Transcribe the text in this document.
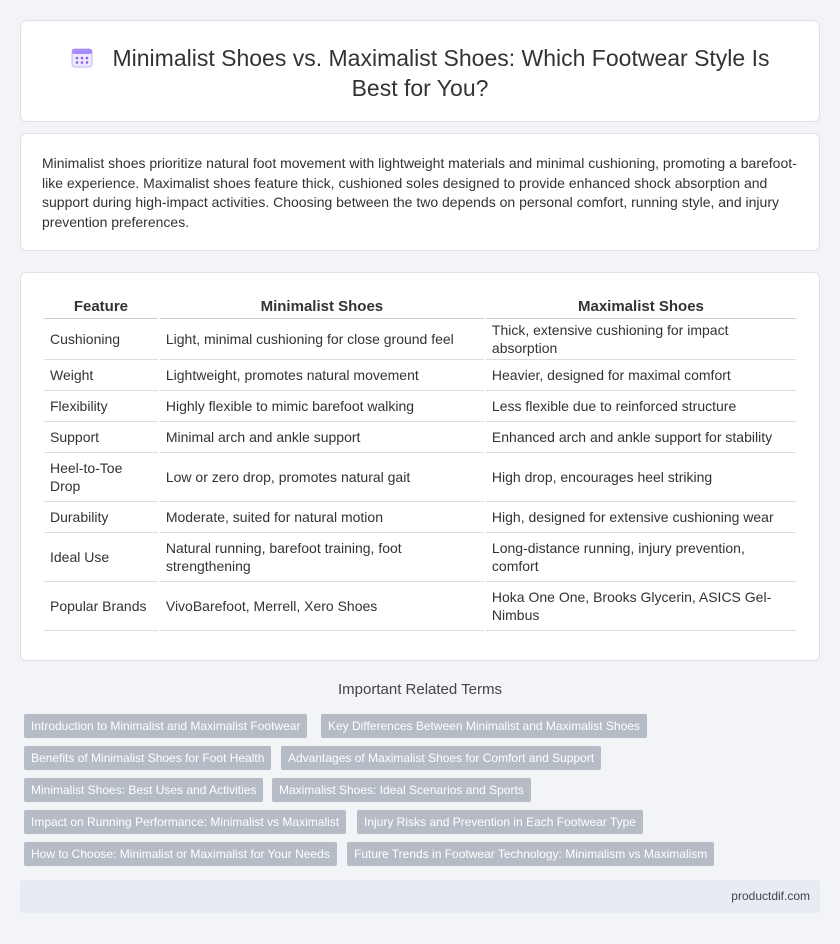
Minimalist Shoes vs. Maximalist Shoes: Which Footwear Style Is Best for You?

Minimalist shoes prioritize natural foot movement with lightweight materials and minimal cushioning, promoting a barefoot-like experience. Maximalist shoes feature thick, cushioned soles designed to provide enhanced shock absorption and support during high-impact activities. Choosing between the two depends on personal comfort, running style, and injury prevention preferences.

Feature	Minimalist Shoes	Maximalist Shoes
Cushioning	Light, minimal cushioning for close ground feel	Thick, extensive cushioning for impact absorption
Weight	Lightweight, promotes natural movement	Heavier, designed for maximal comfort
Flexibility	Highly flexible to mimic barefoot walking	Less flexible due to reinforced structure
Support	Minimal arch and ankle support	Enhanced arch and ankle support for stability
Heel-to-Toe Drop	Low or zero drop, promotes natural gait	High drop, encourages heel striking
Durability	Moderate, suited for natural motion	High, designed for extensive cushioning wear
Ideal Use	Natural running, barefoot training, foot strengthening	Long-distance running, injury prevention, comfort
Popular Brands	VivoBarefoot, Merrell, Xero Shoes	Hoka One One, Brooks Glycerin, ASICS Gel-Nimbus
Important Related Terms
Introduction to Minimalist and Maximalist Footwear	Key Differences Between Minimalist and Maximalist Shoes
Benefits of Minimalist Shoes for Foot Health	Advantages of Maximalist Shoes for Comfort and Support
Minimalist Shoes: Best Uses and Activities	Maximalist Shoes: Ideal Scenarios and Sports
Impact on Running Performance: Minimalist vs Maximalist	Injury Risks and Prevention in Each Footwear Type
How to Choose: Minimalist or Maximalist for Your Needs	Future Trends in Footwear Technology: Minimalism vs Maximalism
productdif.com
